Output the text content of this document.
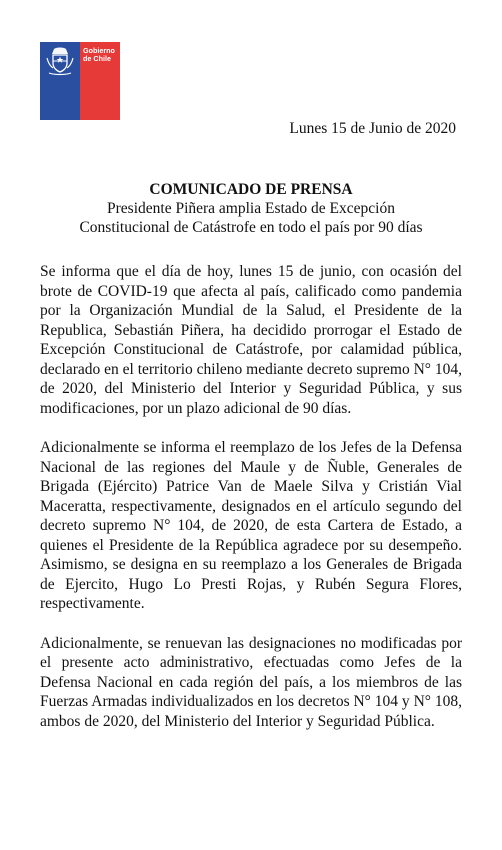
Gobierno
de Chile
Lunes 15 de Junio de 2020
COMUNICADO DE PRENSA
Presidente Piñera amplia Estado de Excepción
Constitucional de Catástrofe en todo el país por 90 días

Se informa que el día de hoy, lunes 15 de junio, con ocasión del brote de COVID-19 que afecta al país, calificado como pandemia por la Organización Mundial de la Salud, el Presidente de la Republica, Sebastián Piñera, ha decidido prorrogar el Estado de Excepción Constitucional de Catástrofe, por calamidad pública, declarado en el territorio chileno mediante decreto supremo N° 104, de 2020, del Ministerio del Interior y Seguridad Pública, y sus modificaciones, por un plazo adicional de 90 días.

Adicionalmente se informa el reemplazo de los Jefes de la Defensa Nacional de las regiones del Maule y de Ñuble, Generales de Brigada (Ejército) Patrice Van de Maele Silva y Cristián Vial Maceratta, respectivamente, designados en el artículo segundo del decreto supremo N° 104, de 2020, de esta Cartera de Estado, a quienes el Presidente de la República agradece por su desempeño. Asimismo, se designa en su reemplazo a los Generales de Brigada de Ejercito, Hugo Lo Presti Rojas, y Rubén Segura Flores, respectivamente.

Adicionalmente, se renuevan las designaciones no modificadas por el presente acto administrativo, efectuadas como Jefes de la Defensa Nacional en cada región del país, a los miembros de las Fuerzas Armadas individualizados en los decretos N° 104 y N° 108, ambos de 2020, del Ministerio del Interior y Seguridad Pública.
